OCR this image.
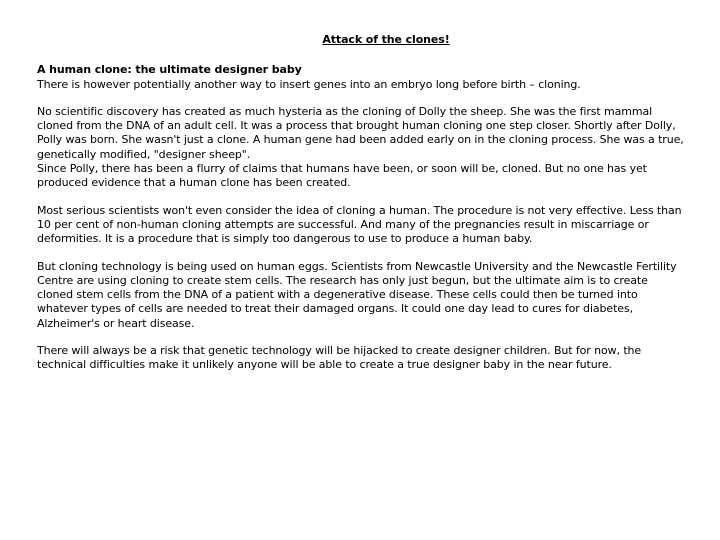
Attack of the clones!

A human clone: the ultimate designer baby

There is however potentially another way to insert genes into an embryo long before birth – cloning.

No scientific discovery has created as much hysteria as the cloning of Dolly the sheep. She was the first mammal cloned from the DNA of an adult cell. It was a process that brought human cloning one step closer. Shortly after Dolly, Polly was born. She wasn't just a clone. A human gene had been added early on in the cloning process. She was a true, genetically modified, "designer sheep".

Since Polly, there has been a flurry of claims that humans have been, or soon will be, cloned. But no one has yet produced evidence that a human clone has been created.

Most serious scientists won't even consider the idea of cloning a human. The procedure is not very effective. Less than 10 per cent of non-human cloning attempts are successful. And many of the pregnancies result in miscarriage or deformities. It is a procedure that is simply too dangerous to use to produce a human baby.

But cloning technology is being used on human eggs. Scientists from Newcastle University and the Newcastle Fertility Centre are using cloning to create stem cells. The research has only just begun, but the ultimate aim is to create cloned stem cells from the DNA of a patient with a degenerative disease. These cells could then be turned into whatever types of cells are needed to treat their damaged organs. It could one day lead to cures for diabetes, Alzheimer's or heart disease.

There will always be a risk that genetic technology will be hijacked to create designer children. But for now, the technical difficulties make it unlikely anyone will be able to create a true designer baby in the near future.
